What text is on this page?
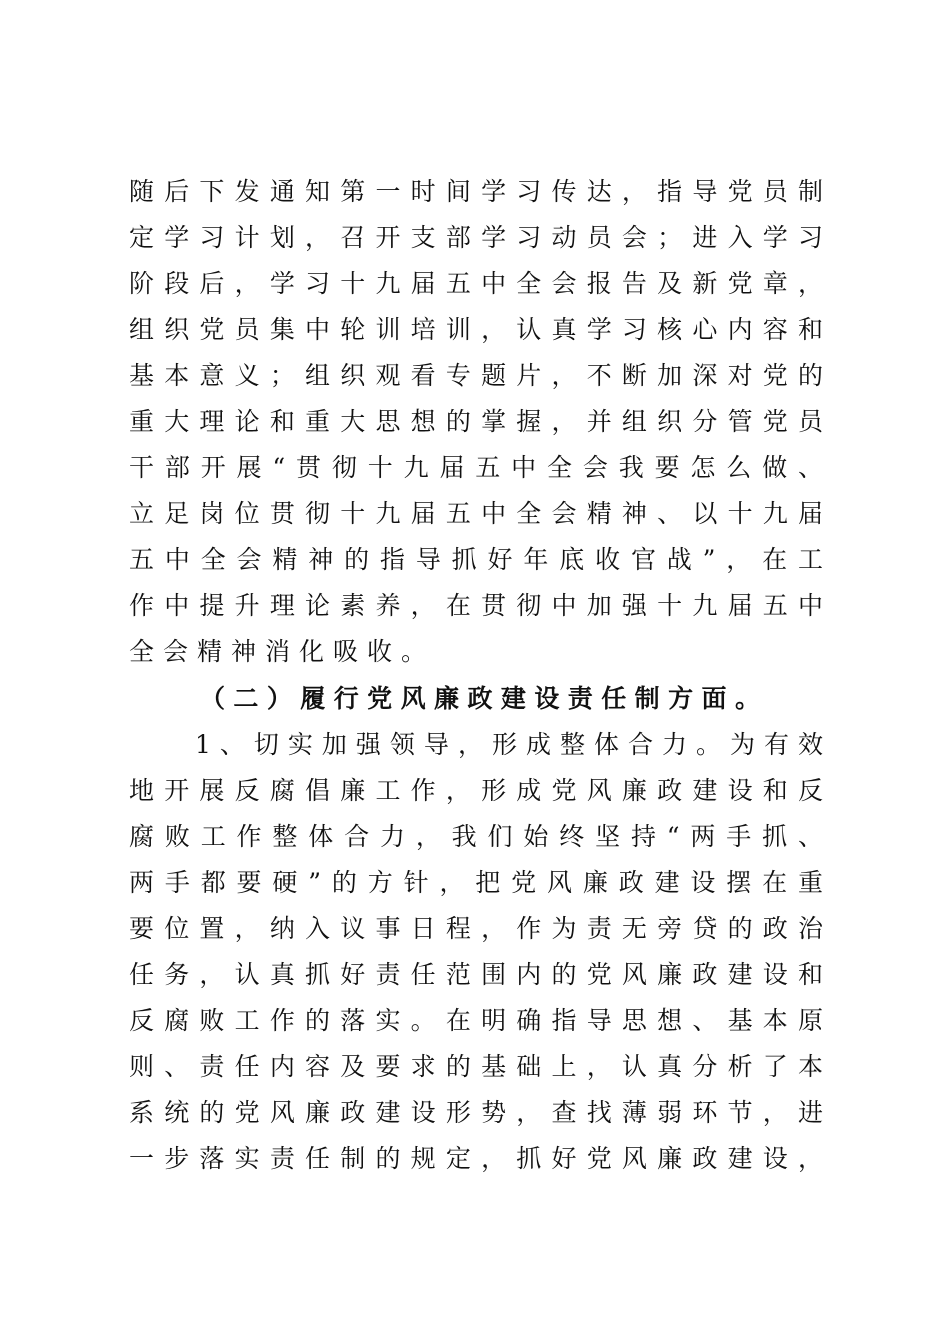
随后下发通知第一时间学习传达，指导党员制
定学习计划，召开支部学习动员会；进入学习
阶段后，学习十九届五中全会报告及新党章，
组织党员集中轮训培训，认真学习核心内容和
基本意义；组织观看专题片，不断加深对党的
重大理论和重大思想的掌握，并组织分管党员
干部开展“贯彻十九届五中全会我要怎么做、
立足岗位贯彻十九届五中全会精神、以十九届
五中全会精神的指导抓好年底收官战”，在工
作中提升理论素养，在贯彻中加强十九届五中
全会精神消化吸收。
（二）履行党风廉政建设责任制方面。
1、切实加强领导，形成整体合力。为有效
地开展反腐倡廉工作，形成党风廉政建设和反
腐败工作整体合力，我们始终坚持“两手抓、
两手都要硬”的方针，把党风廉政建设摆在重
要位置，纳入议事日程，作为责无旁贷的政治
任务，认真抓好责任范围内的党风廉政建设和
反腐败工作的落实。在明确指导思想、基本原
则、责任内容及要求的基础上，认真分析了本
系统的党风廉政建设形势，查找薄弱环节，进
一步落实责任制的规定，抓好党风廉政建设，
